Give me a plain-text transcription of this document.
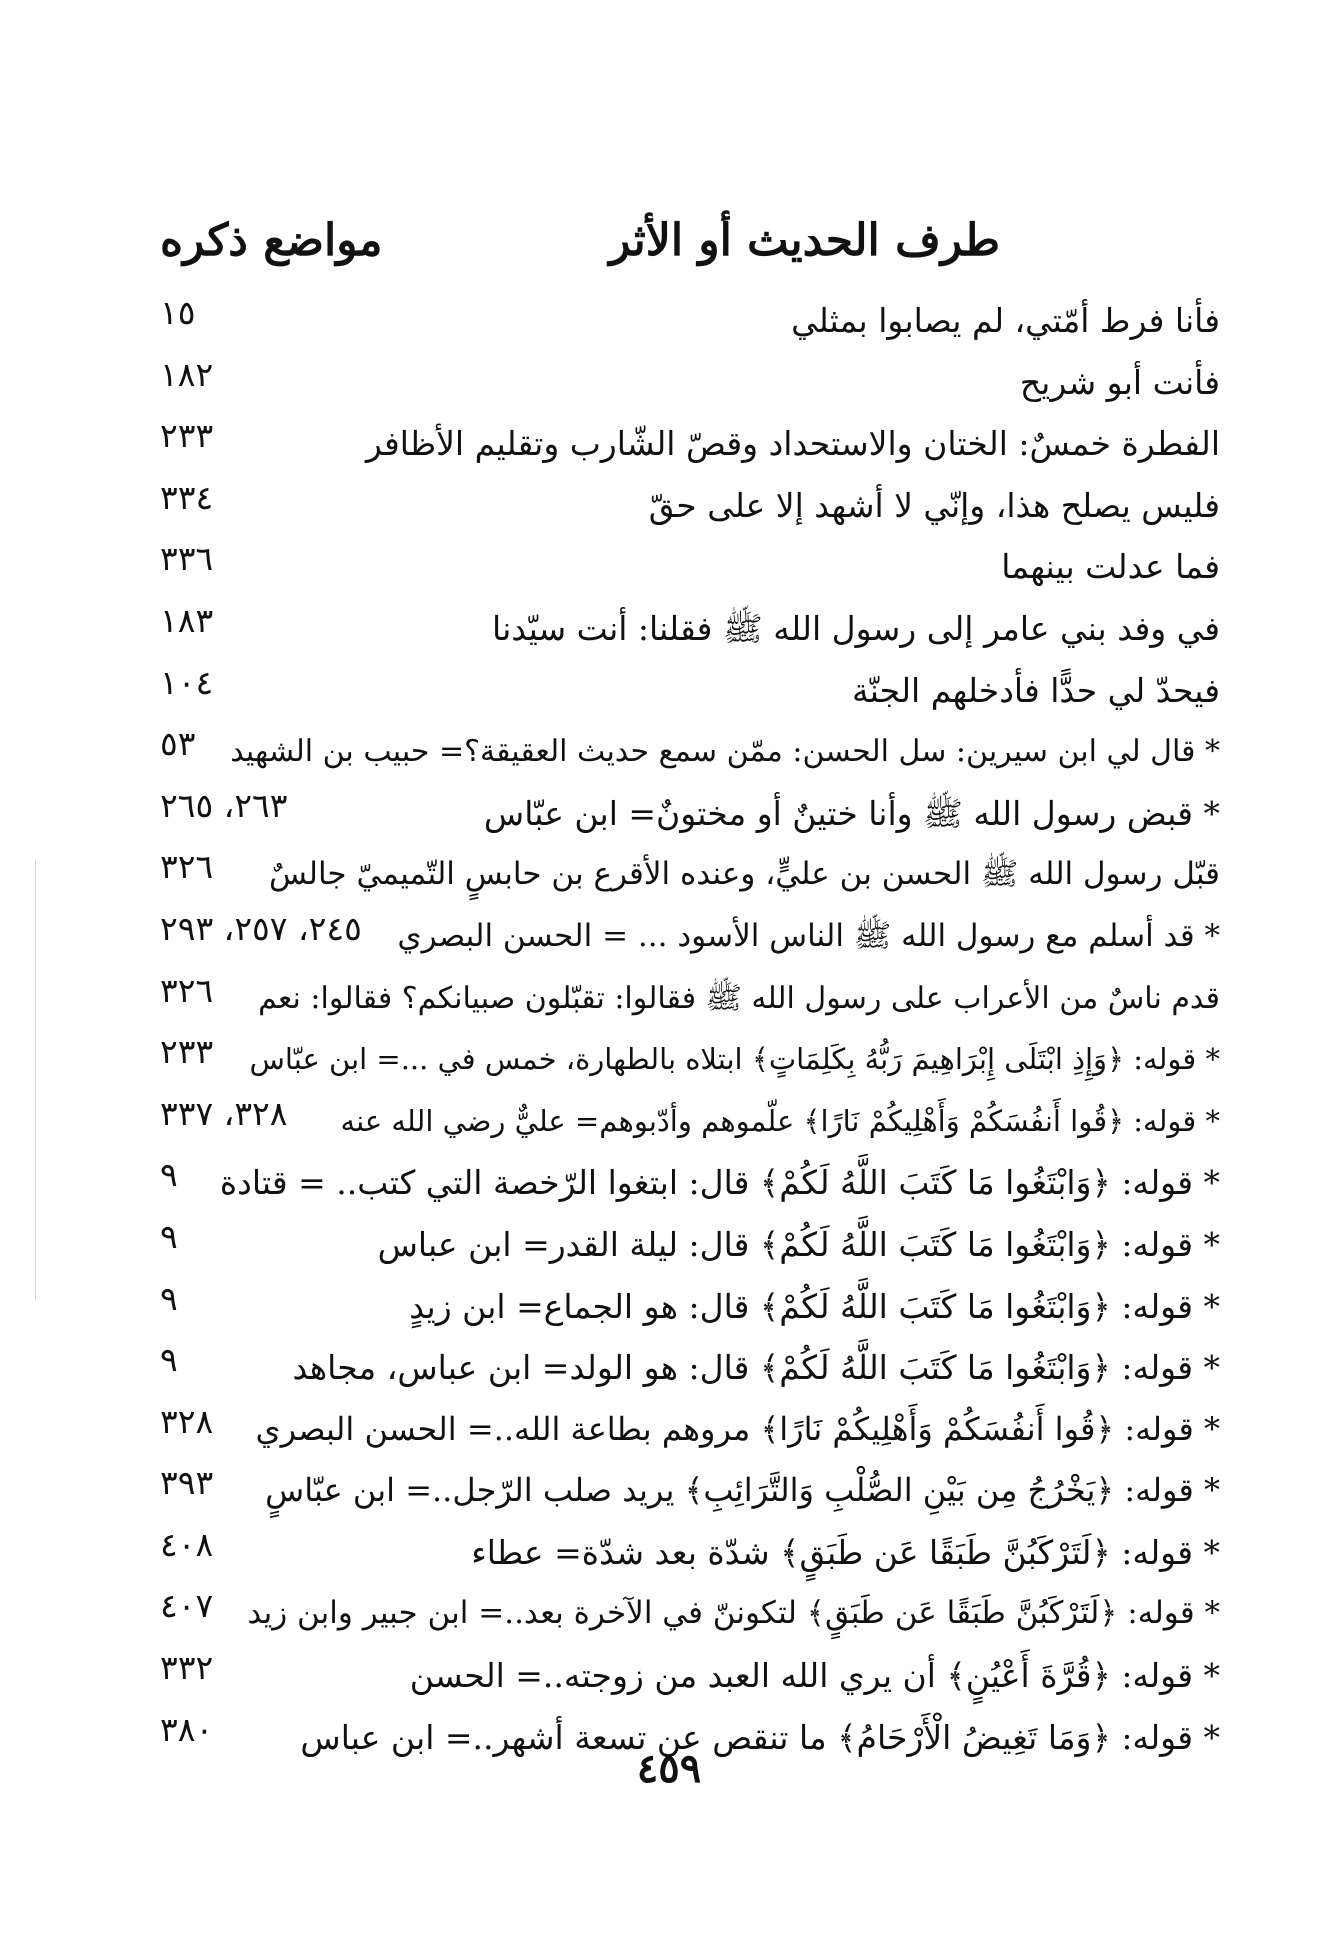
طرف الحديث أو الأثر
مواضع ذكره
فأنا فرط أمّتي، لم يصابوا بمثلي
١٥
فأنت أبو شريح
١٨٢
الفطرة خمسٌ: الختان والاستحداد وقصّ الشّارب وتقليم الأظافر
٢٣٣
فليس يصلح هذا، وإنّي لا أشهد إلا على حقّ
٣٣٤
فما عدلت بينهما
٣٣٦
في وفد بني عامر إلى رسول الله ﷺ فقلنا: أنت سيّدنا
١٨٣
فيحدّ لي حدًّا فأدخلهم الجنّة
١٠٤
* قال لي ابن سيرين: سل الحسن: ممّن سمع حديث العقيقة؟= حبيب بن الشهيد
٥٣
* قبض رسول الله ﷺ وأنا ختينٌ أو مختونٌ= ابن عبّاس
٢٦٣، ٢٦٥
قبّل رسول الله ﷺ الحسن بن عليٍّ، وعنده الأقرع بن حابسٍ التّميميّ جالسٌ
٣٢٦
* قد أسلم مع رسول الله ﷺ الناس الأسود ... = الحسن البصري
٢٤٥، ٢٥٧، ٢٩٣
قدم ناسٌ من الأعراب على رسول الله ﷺ فقالوا: تقبّلون صبيانكم؟ فقالوا: نعم
٣٢٦
* قوله: ﴿وَإِذِ ابْتَلَى إِبْرَاهِيمَ رَبُّهُ بِكَلِمَاتٍ﴾ ابتلاه بالطهارة، خمس في ...= ابن عبّاس
٢٣٣
* قوله: ﴿قُوا أَنفُسَكُمْ وَأَهْلِيكُمْ نَارًا﴾ علّموهم وأدّبوهم= عليٌّ رضي الله عنه
٣٢٨، ٣٣٧
* قوله: ﴿وَابْتَغُوا مَا كَتَبَ اللَّهُ لَكُمْ﴾ قال: ابتغوا الرّخصة التي كتب.. = قتادة
٩
* قوله: ﴿وَابْتَغُوا مَا كَتَبَ اللَّهُ لَكُمْ﴾ قال: ليلة القدر= ابن عباس
٩
* قوله: ﴿وَابْتَغُوا مَا كَتَبَ اللَّهُ لَكُمْ﴾ قال: هو الجماع= ابن زيدٍ
٩
* قوله: ﴿وَابْتَغُوا مَا كَتَبَ اللَّهُ لَكُمْ﴾ قال: هو الولد= ابن عباس، مجاهد
٩
* قوله: ﴿قُوا أَنفُسَكُمْ وَأَهْلِيكُمْ نَارًا﴾ مروهم بطاعة الله..= الحسن البصري
٣٢٨
* قوله: ﴿يَخْرُجُ مِن بَيْنِ الصُّلْبِ وَالتَّرَائِبِ﴾ يريد صلب الرّجل..= ابن عبّاسٍ
٣٩٣
* قوله: ﴿لَتَرْكَبُنَّ طَبَقًا عَن طَبَقٍ﴾ شدّة بعد شدّة= عطاء
٤٠٨
* قوله: ﴿لَتَرْكَبُنَّ طَبَقًا عَن طَبَقٍ﴾ لتكوننّ في الآخرة بعد..= ابن جبير وابن زيد
٤٠٧
* قوله: ﴿قُرَّةَ أَعْيُنٍ﴾ أن يري الله العبد من زوجته..= الحسن
٣٣٢
* قوله: ﴿وَمَا تَغِيضُ الْأَرْحَامُ﴾ ما تنقص عن تسعة أشهر..= ابن عباس
٣٨٠
٤٥٩
